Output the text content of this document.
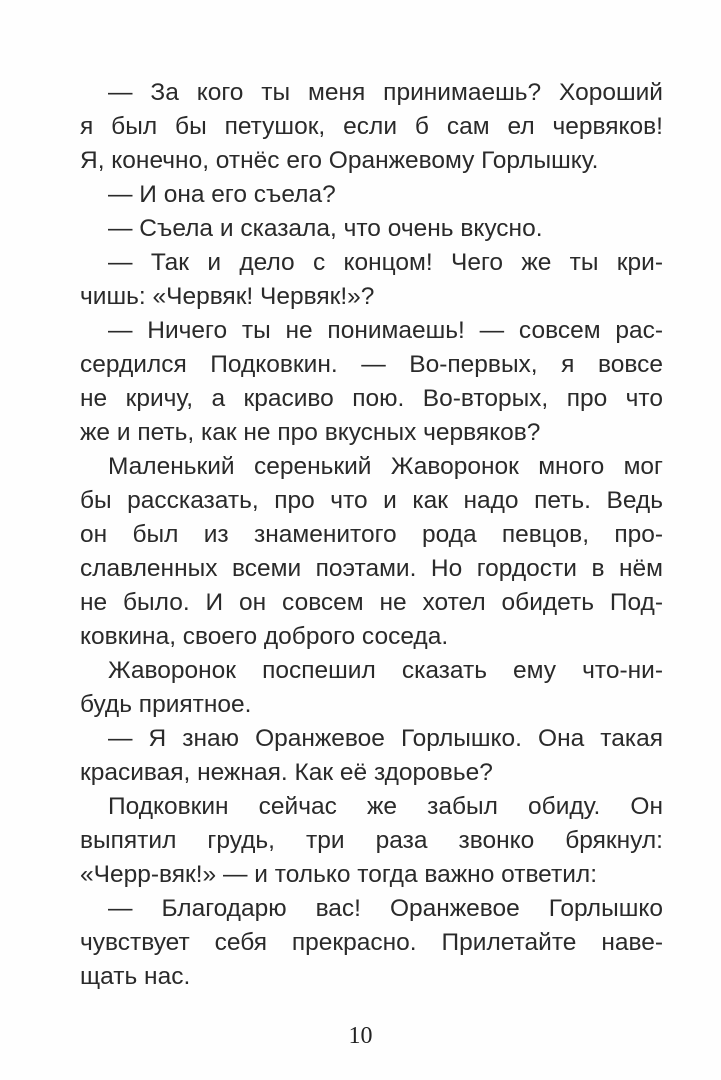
— За кого ты меня принимаешь? Хороший
я был бы петушок, если б сам ел червяков!
Я, конечно, отнёс его Оранжевому Горлышку.
— И она его съела?
— Съела и сказала, что очень вкусно.
— Так и дело с концом! Чего же ты кри-
чишь: «Червяк! Червяк!»?
— Ничего ты не понимаешь! — совсем рас-
сердился Подковкин. — Во-первых, я вовсе
не кричу, а красиво пою. Во-вторых, про что
же и петь, как не про вкусных червяков?
Маленький серенький Жаворонок много мог
бы рассказать, про что и как надо петь. Ведь
он был из знаменитого рода певцов, про-
славленных всеми поэтами. Но гордости в нём
не было. И он совсем не хотел обидеть Под-
ковкина, своего доброго соседа.
Жаворонок поспешил сказать ему что-ни-
будь приятное.
— Я знаю Оранжевое Горлышко. Она такая
красивая, нежная. Как её здоровье?
Подковкин сейчас же забыл обиду. Он
выпятил грудь, три раза звонко брякнул:
«Черр-вяк!» — и только тогда важно ответил:
— Благодарю вас! Оранжевое Горлышко
чувствует себя прекрасно. Прилетайте наве-
щать нас.
10
